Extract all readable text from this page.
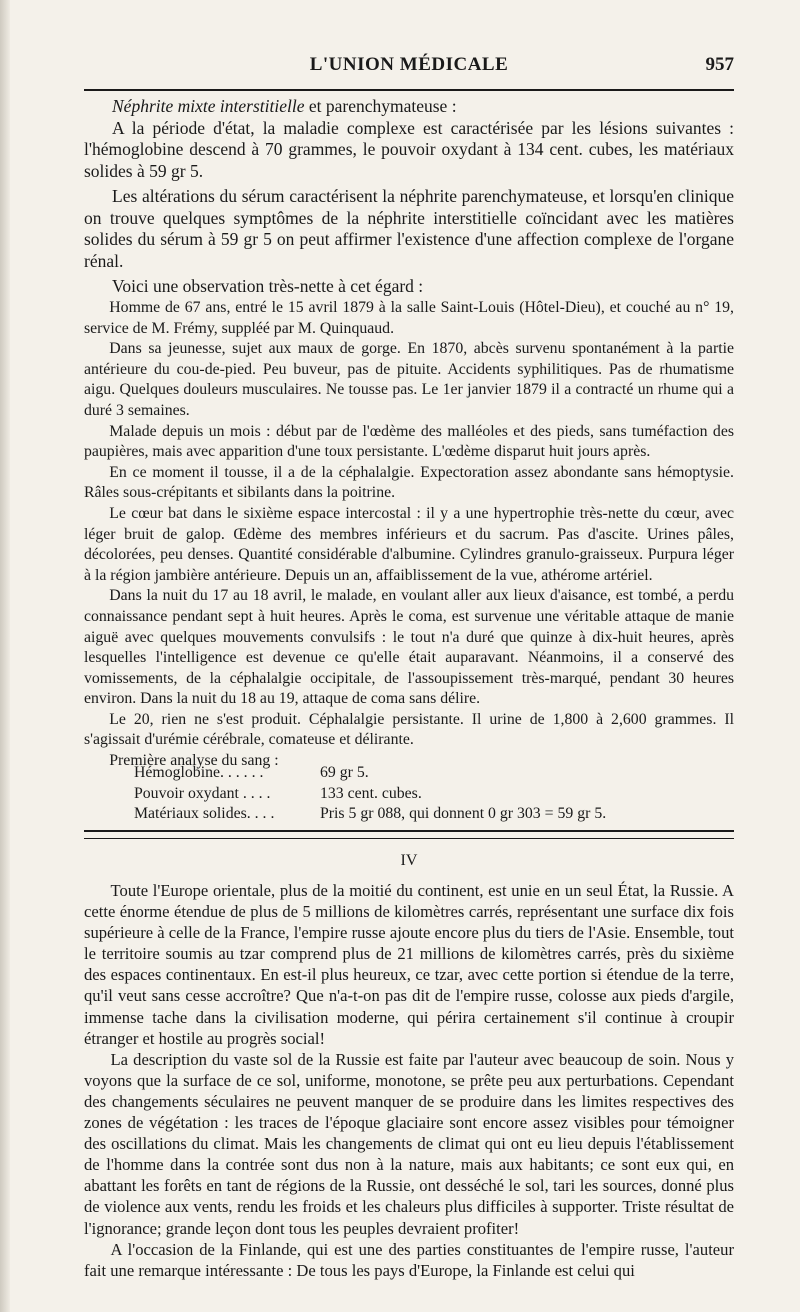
L'UNION MÉDICALE	957

Néphrite mixte interstitielle et parenchymateuse :

A la période d'état, la maladie complexe est caractérisée par les lésions suivantes : l'hémoglobine descend à 70 grammes, le pouvoir oxydant à 134 cent. cubes, les matériaux solides à 59 gr 5.

Les altérations du sérum caractérisent la néphrite parenchymateuse, et lorsqu'en clinique on trouve quelques symptômes de la néphrite interstitielle coïncidant avec les matières solides du sérum à 59 gr 5 on peut affirmer l'existence d'une affection complexe de l'organe rénal.

Voici une observation très-nette à cet égard :

Homme de 67 ans, entré le 15 avril 1879 à la salle Saint-Louis (Hôtel-Dieu), et couché au n° 19, service de M. Frémy, suppléé par M. Quinquaud.

Dans sa jeunesse, sujet aux maux de gorge. En 1870, abcès survenu spontanément à la partie antérieure du cou-de-pied. Peu buveur, pas de pituite. Accidents syphilitiques. Pas de rhumatisme aigu. Quelques douleurs musculaires. Ne tousse pas. Le 1er janvier 1879 il a contracté un rhume qui a duré 3 semaines.

Malade depuis un mois : début par de l'œdème des malléoles et des pieds, sans tuméfaction des paupières, mais avec apparition d'une toux persistante. L'œdème disparut huit jours après.

En ce moment il tousse, il a de la céphalalgie. Expectoration assez abondante sans hémoptysie. Râles sous-crépitants et sibilants dans la poitrine.

Le cœur bat dans le sixième espace intercostal : il y a une hypertrophie très-nette du cœur, avec léger bruit de galop. Œdème des membres inférieurs et du sacrum. Pas d'ascite. Urines pâles, décolorées, peu denses. Quantité considérable d'albumine. Cylindres granulo-graisseux. Purpura léger à la région jambière antérieure. Depuis un an, affaiblissement de la vue, athérome artériel.

Dans la nuit du 17 au 18 avril, le malade, en voulant aller aux lieux d'aisance, est tombé, a perdu connaissance pendant sept à huit heures. Après le coma, est survenue une véritable attaque de manie aiguë avec quelques mouvements convulsifs : le tout n'a duré que quinze à dix-huit heures, après lesquelles l'intelligence est devenue ce qu'elle était auparavant. Néanmoins, il a conservé des vomissements, de la céphalalgie occipitale, de l'assoupissement très-marqué, pendant 30 heures environ. Dans la nuit du 18 au 19, attaque de coma sans délire.

Le 20, rien ne s'est produit. Céphalalgie persistante. Il urine de 1,800 à 2,600 grammes. Il s'agissait d'urémie cérébrale, comateuse et délirante.

Première analyse du sang :

Hémoglobine. . . . . .	69 gr 5.
Pouvoir oxydant . . . .	133 cent. cubes.
Matériaux solides. . . .	Pris 5 gr 088, qui donnent 0 gr 303 = 59 gr 5.
IV

Toute l'Europe orientale, plus de la moitié du continent, est unie en un seul État, la Russie. A cette énorme étendue de plus de 5 millions de kilomètres carrés, représentant une surface dix fois supérieure à celle de la France, l'empire russe ajoute encore plus du tiers de l'Asie. Ensemble, tout le territoire soumis au tzar comprend plus de 21 millions de kilomètres carrés, près du sixième des espaces continentaux. En est-il plus heureux, ce tzar, avec cette portion si étendue de la terre, qu'il veut sans cesse accroître? Que n'a-t-on pas dit de l'empire russe, colosse aux pieds d'argile, immense tache dans la civilisation moderne, qui périra certainement s'il continue à croupir étranger et hostile au progrès social!

La description du vaste sol de la Russie est faite par l'auteur avec beaucoup de soin. Nous y voyons que la surface de ce sol, uniforme, monotone, se prête peu aux perturbations. Cependant des changements séculaires ne peuvent manquer de se produire dans les limites respectives des zones de végétation : les traces de l'époque glaciaire sont encore assez visibles pour témoigner des oscillations du climat. Mais les changements de climat qui ont eu lieu depuis l'établissement de l'homme dans la contrée sont dus non à la nature, mais aux habitants; ce sont eux qui, en abattant les forêts en tant de régions de la Russie, ont desséché le sol, tari les sources, donné plus de violence aux vents, rendu les froids et les chaleurs plus difficiles à supporter. Triste résultat de l'ignorance; grande leçon dont tous les peuples devraient profiter!

A l'occasion de la Finlande, qui est une des parties constituantes de l'empire russe, l'auteur fait une remarque intéressante : De tous les pays d'Europe, la Finlande est celui qui
